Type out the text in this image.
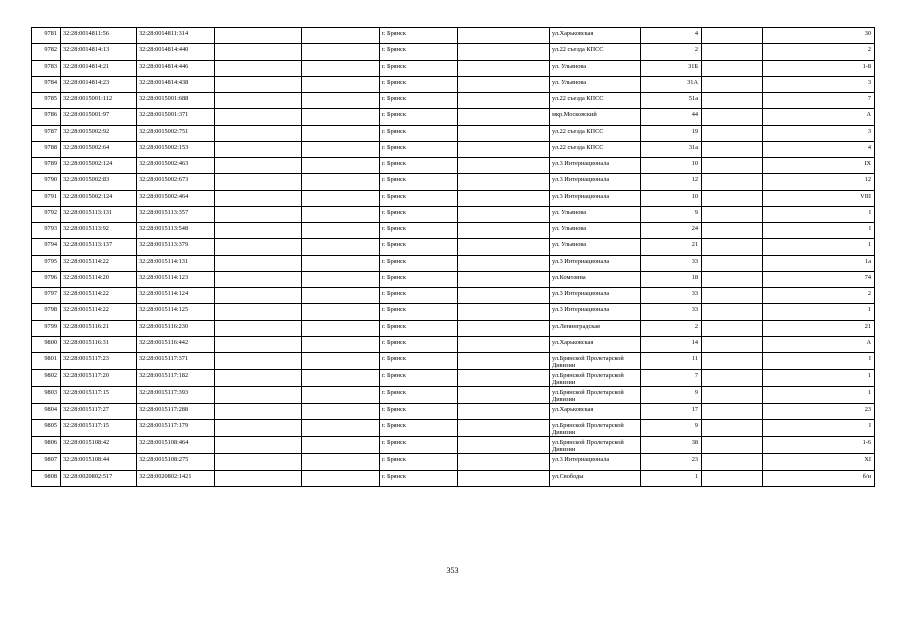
9781	32:28:0014811:56	32:28:0014811:314			г. Брянск		ул.Харьковская	4		30
9782	32:28:0014814:13	32:28:0014814:440			г. Брянск		ул.22 съезда КПСС	2		2
9783	32:28:0014814:21	32:28:0014814:446			г. Брянск		ул. Ульянова	31Б		1-8
9784	32:28:0014814:23	32:28:0014814:438			г. Брянск		ул. Ульянова	31А		3
9785	32:28:0015001:112	32:28:0015001:688			г. Брянск		ул.22 съезда КПСС	51а		7
9786	32:28:0015001:97	32:28:0015001:371			г. Брянск		мкр.Московский	44		А
9787	32:28:0015002:92	32:28:0015002:751			г. Брянск		ул.22 съезда КПСС	19		3
9788	32:28:0015002:64	32:28:0015002:153			г. Брянск		ул.22 съезда КПСС	31а		4
9789	32:28:0015002:124	32:28:0015002:463			г. Брянск		ул.3 Интернационала	10		IX
9790	32:28:0015002:83	32:28:0015002:673			г. Брянск		ул.3 Интернационала	12		12
9791	32:28:0015002:124	32:28:0015002:464			г. Брянск		ул.3 Интернационала	10		VIII
9792	32:28:0015113:131	32:28:0015113:357			г. Брянск		ул. Ульянова	9		I
9793	32:28:0015113:92	32:28:0015113:548			г. Брянск		ул. Ульянова	24		I
9794	32:28:0015113:137	32:28:0015113:379			г. Брянск		ул. Ульянова	21		1
9795	32:28:0015114:22	32:28:0015114:131			г. Брянск		ул.3 Интернационала	33		1а
9796	32:28:0015114:20	32:28:0015114:123			г. Брянск		ул.Комозина	18		74
9797	32:28:0015114:22	32:28:0015114:124			г. Брянск		ул.3 Интернационала	33		2
9798	32:28:0015114:22	32:28:0015114:125			г. Брянск		ул.3 Интернационала	33		1
9799	32:28:0015116:21	32:28:0015116:230			г. Брянск		ул.Ленинградская	2		21
9800	32:28:0015116:31	32:28:0015116:442			г. Брянск		ул.Харьковская	14		А
9801	32:28:0015117:23	32:28:0015117:371			г. Брянск		ул.Брянской Пролетарской Дивизии	11		I
9802	32:28:0015117:20	32:28:0015117:182			г. Брянск		ул.Брянской Пролетарской Дивизии	7		1
9803	32:28:0015117:15	32:28:0015117:393			г. Брянск		ул.Брянской Пролетарской Дивизии	9		1
9804	32:28:0015117:27	32:28:0015117:288			г. Брянск		ул.Харьковская	17		23
9805	32:28:0015117:15	32:28:0015117:179			г. Брянск		ул.Брянской Пролетарской Дивизии	9		I
9806	32:28:0015108:42	32:28:0015108:464			г. Брянск		ул.Брянской Пролетарской Дивизии	38		1-6
9807	32:28:0015108:44	32:28:0015108:275			г. Брянск		ул.3 Интернационала	23		XI
9808	32:28:0020802:517	32:28:0020802:1421			г. Брянск		ул.Свободы	1		б/н
353
